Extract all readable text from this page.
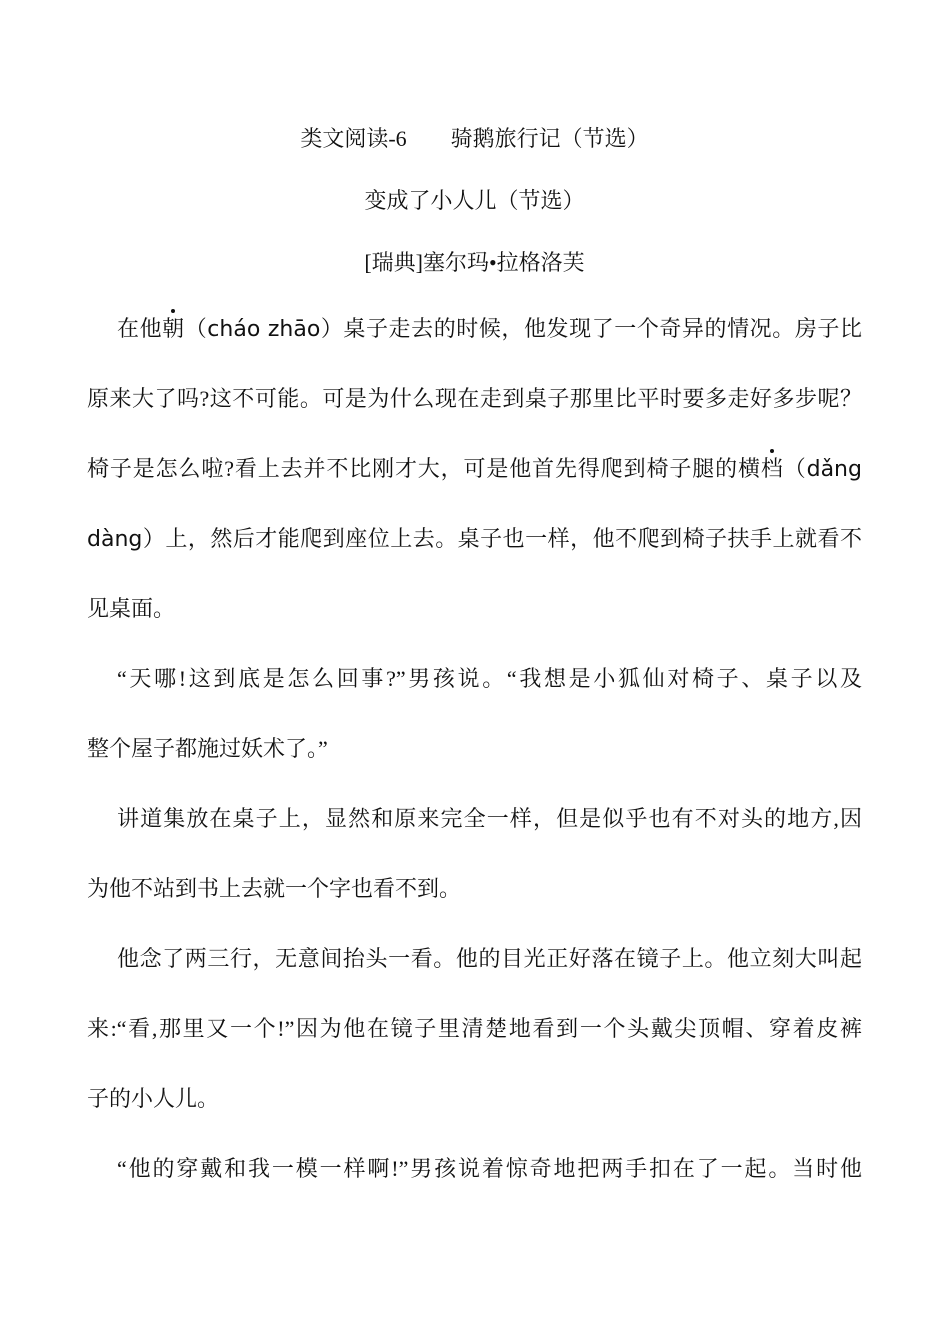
类文阅读-6　　骑鹅旅行记（节选）
变成了小人儿（节选）
[瑞典]塞尔玛•拉格洛芙
在他朝（cháo zhāo）桌子走去的时候，他发现了一个奇异的情况。房子比
原来大了吗?这不可能。可是为什么现在走到桌子那里比平时要多走好多步呢？
椅子是怎么啦?看上去并不比刚才大，可是他首先得爬到椅子腿的横档（dǎng
dàng）上，然后才能爬到座位上去。桌子也一样，他不爬到椅子扶手上就看不
见桌面。
“天哪!这到底是怎么回事?”男孩说。“我想是小狐仙对椅子、桌子以及
整个屋子都施过妖术了。”
讲道集放在桌子上，显然和原来完全一样，但是似乎也有不对头的地方,因
为他不站到书上去就一个字也看不到。
他念了两三行，无意间抬头一看。他的目光正好落在镜子上。他立刻大叫起
来:“看,那里又一个!”因为他在镜子里清楚地看到一个头戴尖顶帽、穿着皮裤
子的小人儿。
“他的穿戴和我一模一样啊!”男孩说着惊奇地把两手扣在了一起。当时他
